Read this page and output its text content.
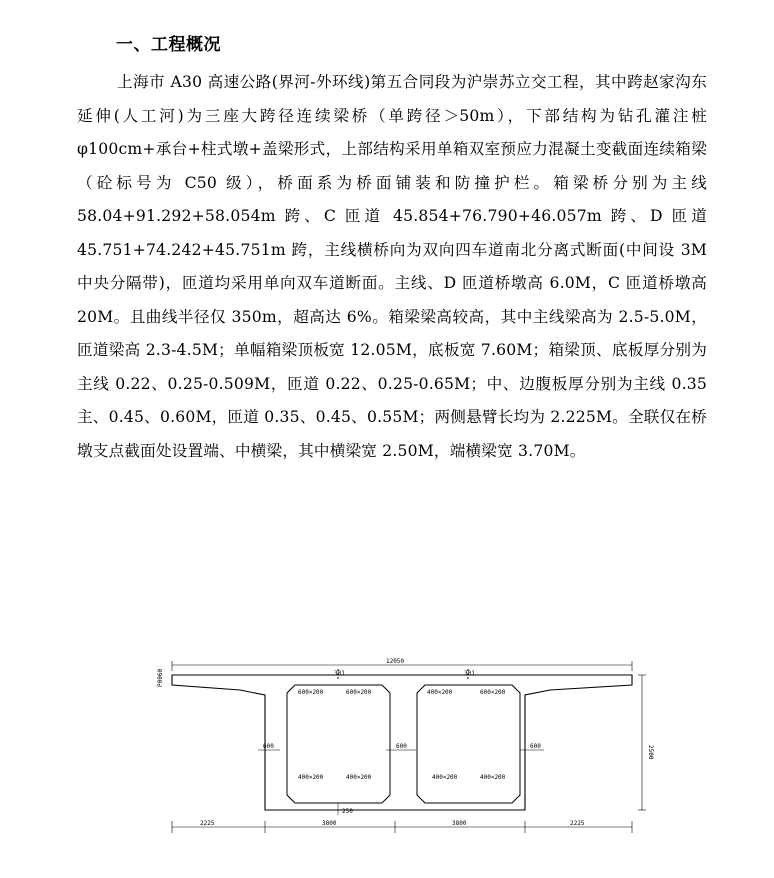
一、工程概况
上海市 A30 高速公路(界河-外环线)第五合同段为沪崇苏立交工程，其中跨赵家沟东延伸(人工河)为三座大跨径连续梁桥（单跨径＞50m），下部结构为钻孔灌注桩φ100cm+承台+柱式墩+盖梁形式，上部结构采用单箱双室预应力混凝土变截面连续箱梁（砼标号为 C50 级），桥面系为桥面铺装和防撞护栏。箱梁桥分别为主线 58.04+91.292+58.054m 跨、C 匝道 45.854+76.790+46.057m 跨、D 匝道 45.751+74.242+45.751m 跨，主线横桥向为双向四车道南北分离式断面(中间设 3M 中央分隔带)，匝道均采用单向双车道断面。主线、D 匝道桥墩高 6.0M，C 匝道桥墩高 20M。且曲线半径仅 350m，超高达 6%。箱梁梁高较高，其中主线梁高为 2.5-5.0M，匝道梁高 2.3-4.5M；单幅箱梁顶板宽 12.05M，底板宽 7.60M；箱梁顶、底板厚分别为主线 0.22、0.25-0.509M，匝道 0.22、0.25-0.65M；中、边腹板厚分别为主线 0.35 主、0.45、0.60M，匝道 0.35、0.45、0.55M；两侧悬臂长均为 2.225M。全联仅在桥墩支点截面处设置端、中横梁，其中横梁宽 2.50M，端横梁宽 3.70M。
12050
P0060	301	301
600×200	600×200	400×200	600×200
600	600	600
400×200	400×200	400×200	400×200
250
2500
2225	3800	3800	2225
